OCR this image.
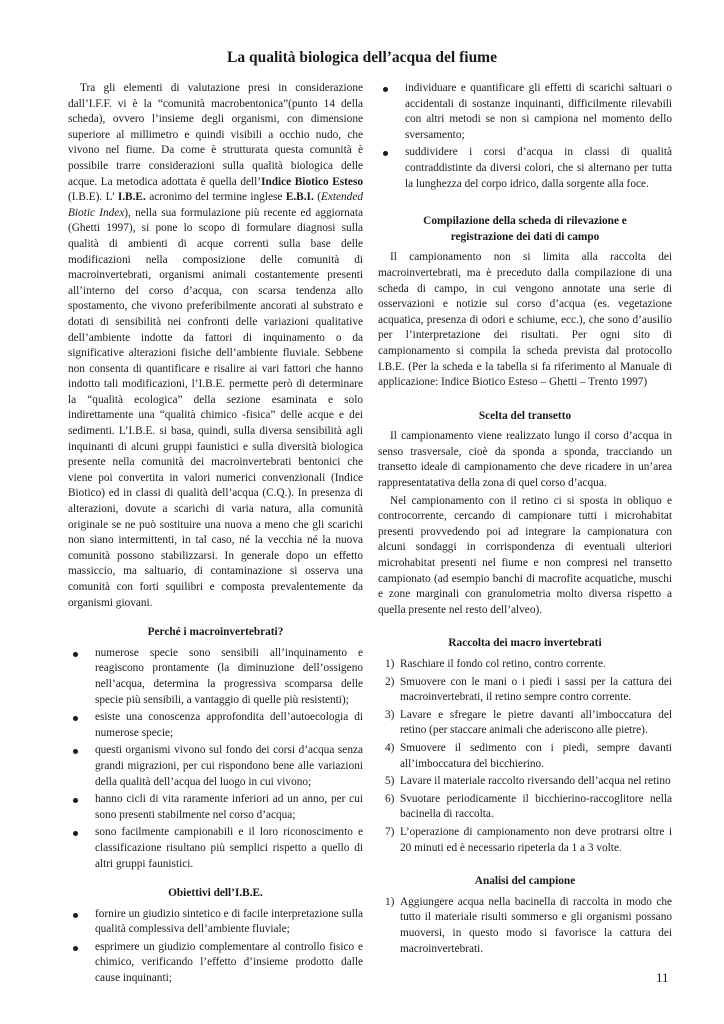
La qualità biologica dell’acqua del fiume

Tra gli elementi di valutazione presi in considerazione dall’I.F.F. vi è la “comunità macrobentonica”(punto 14 della scheda), ovvero l’insieme degli organismi, con dimensione superiore al millimetro e quindi visibili a occhio nudo, che vivono nel fiume. Da come è strutturata questa comunità è possibile trarre considerazioni sulla qualità biologica delle acque. La metodica adottata è quella dell’Indice Biotico Esteso (I.B.E). L’ I.B.E. acronimo del termine inglese E.B.I. (Extended Biotic Index), nella sua formulazione più recente ed aggiornata (Ghetti 1997), si pone lo scopo di formulare diagnosi sulla qualità di ambienti di acque correnti sulla base delle modificazioni nella composizione delle comunità di macroinvertebrati, organismi animali costantemente presenti all’interno del corso d’acqua, con scarsa tendenza allo spostamento, che vivono preferibilmente ancorati al substrato e dotati di sensibilità nei confronti delle variazioni qualitative dell’ambiente indotte da fattori di inquinamento o da significative alterazioni fisiche dell’ambiente fluviale. Sebbene non consenta di quantificare e risalire ai vari fattori che hanno indotto tali modificazioni, l’I.B.E. permette però di determinare la “qualità ecologica” della sezione esaminata e solo indirettamente una “qualità chimico -fisica” delle acque e dei sedimenti. L’I.B.E. si basa, quindi, sulla diversa sensibilità agli inquinanti di alcuni gruppi faunistici e sulla diversità biologica presente nella comunità dei macroinvertebrati bentonici che viene poi convertita in valori numerici convenzionali (Indice Biotico) ed in classi di qualità dell’acqua (C.Q.). In presenza di alterazioni, dovute a scarichi di varia natura, alla comunità originale se ne può sostituire una nuova a meno che gli scarichi non siano intermittenti, in tal caso, né la vecchia né la nuova comunità possono stabilizzarsi. In generale dopo un effetto massiccio, ma saltuario, di contaminazione si osserva una comunità con forti squilibri e composta prevalentemente da organismi giovani.

Perché i macroinvertebrati?
numerose specie sono sensibili all’inquinamento e reagiscono prontamente (la diminuzione dell’ossigeno nell’acqua, determina la progressiva scomparsa delle specie più sensibili, a vantaggio di quelle più resistenti);
esiste una conoscenza approfondita dell’autoecologia di numerose specie;
questi organismi vivono sul fondo dei corsi d’acqua senza grandi migrazioni, per cui rispondono bene alle variazioni della qualità dell’acqua del luogo in cui vivono;
hanno cicli di vita raramente inferiori ad un anno, per cui sono presenti stabilmente nel corso d’acqua;
sono facilmente campionabili e il loro riconoscimento e classificazione risultano più semplici rispetto a quello di altri gruppi faunistici.
Obiettivi dell’I.B.E.
fornire un giudizio sintetico e di facile interpretazione sulla qualità complessiva dell’ambiente fluviale;
esprimere un giudizio complementare al controllo fisico e chimico, verificando l’effetto d’insieme prodotto dalle cause inquinanti;
individuare e quantificare gli effetti di scarichi saltuari o accidentali di sostanze inquinanti, difficilmente rilevabili con altri metodi se non si campiona nel momento dello sversamento;
suddividere i corsi d’acqua in classi di qualità contraddistinte da diversi colori, che si alternano per tutta la lunghezza del corpo idrico, dalla sorgente alla foce.
Compilazione della scheda di rilevazione e
registrazione dei dati di campo

Il campionamento non si limita alla raccolta dei macroinvertebrati, ma è preceduto dalla compilazione di una scheda di campo, in cui vengono annotate una serie di osservazioni e notizie sul corso d’acqua (es. vegetazione acquatica, presenza di odori e schiume, ecc.), che sono d’ausilio per l’interpretazione dei risultati. Per ogni sito di campionamento si compila la scheda prevista dal protocollo I.B.E. (Per la scheda e la tabella si fa riferimento al Manuale di applicazione: Indice Biotico Esteso – Ghetti – Trento 1997)

Scelta del transetto

Il campionamento viene realizzato lungo il corso d’acqua in senso trasversale, cioè da sponda a sponda, tracciando un transetto ideale di campionamento che deve ricadere in un’area rappresentatativa della zona di quel corso d’acqua.

Nel campionamento con il retino ci si sposta in obliquo e controcorrente, cercando di campionare tutti i microhabitat presenti provvedendo poi ad integrare la campionatura con alcuni sondaggi in corrispondenza di eventuali ulteriori microhabitat presenti nel fiume e non compresi nel transetto campionato (ad esempio banchi di macrofite acquatiche, muschi e zone marginali con granulometria molto diversa rispetto a quella presente nel resto dell’alveo).

Raccolta dei macro invertebrati
1) Raschiare il fondo col retino, contro corrente.
2) Smuovere con le mani o i piedi i sassi per la cattura dei macroinvertebrati, il retino sempre contro corrente.
3) Lavare e sfregare le pietre davanti all’imboccatura del retino (per staccare animali che aderiscono alle pietre).
4) Smuovere il sedimento con i piedi, sempre davanti all’imboccatura del bicchierino.
5) Lavare il materiale raccolto riversando dell’acqua nel retino
6) Svuotare periodicamente il bicchierino-raccoglitore nella bacinella di raccolta.
7) L’operazione di campionamento non deve protrarsi oltre i 20 minuti ed è necessario ripeterla da 1 a 3 volte.
Analisi del campione
1) Aggiungere acqua nella bacinella di raccolta in modo che tutto il materiale risulti sommerso e gli organismi possano muoversi, in questo modo si favorisce la cattura dei macroinvertebrati.
11
